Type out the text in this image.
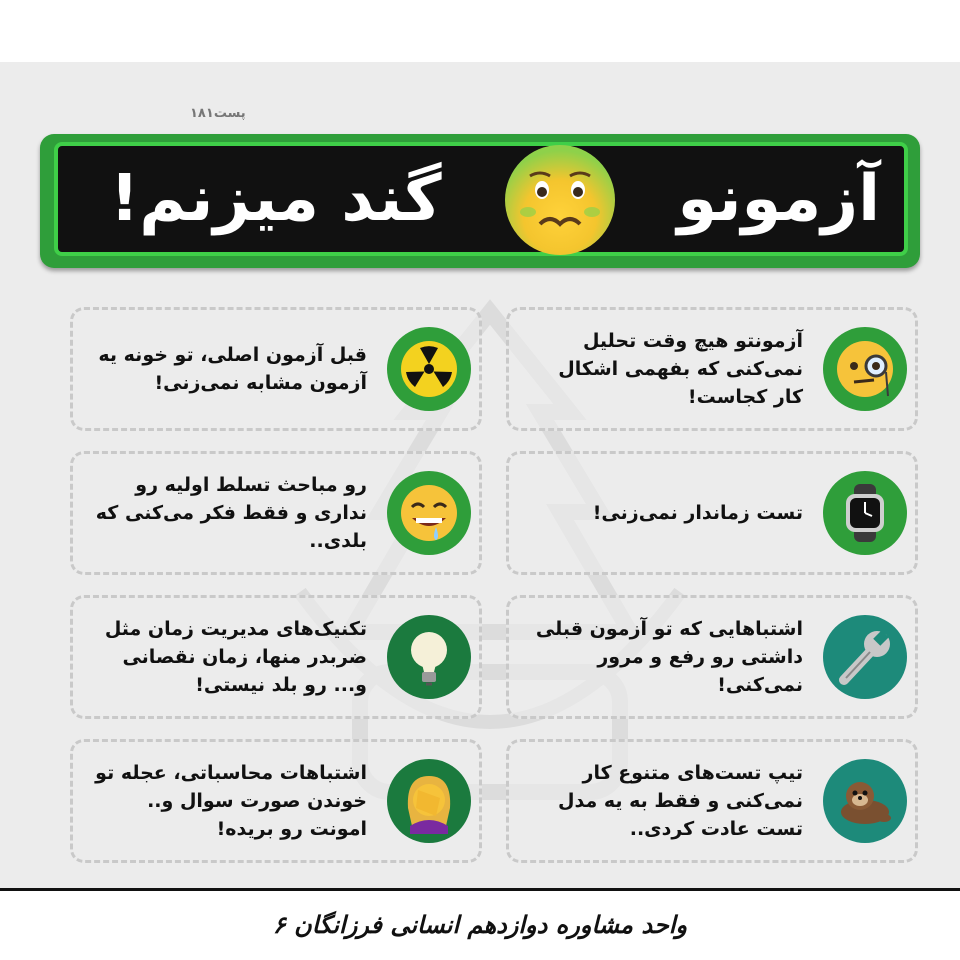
پست۱۸۱
آزمونو
گند میزنم!
آزمونتو هیچ وقت تحلیل نمی‌کنی که بفهمی اشکال کار کجاست!
قبل آزمون اصلی، تو خونه یه آزمون مشابه نمی‌زنی!
تست زماندار نمی‌زنی!
رو مباحث تسلط اولیه رو نداری و فقط فکر می‌کنی که بلدی..
اشتباهایی که تو آزمون قبلی داشتی رو رفع و مرور نمی‌کنی!
تکنیک‌های مدیریت زمان مثل ضربدر منها، زمان نقصانی و... رو بلد نیستی!
تیپ تست‌های متنوع کار نمی‌کنی و فقط به یه مدل تست عادت کردی..
اشتباهات محاسباتی، عجله تو خوندن صورت سوال و.. امونت رو بریده!
واحد مشاوره دوازدهم انسانی فرزانگان ۶
